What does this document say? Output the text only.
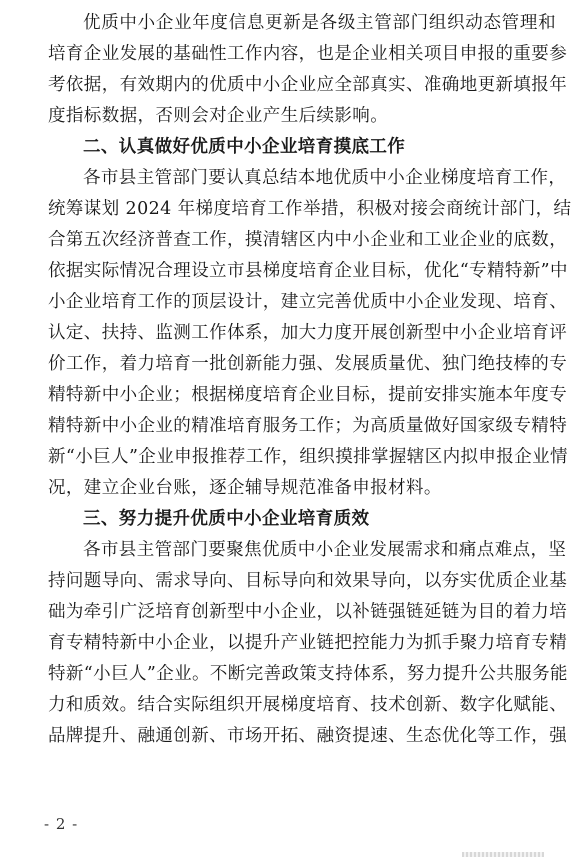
优质中小企业年度信息更新是各级主管部门组织动态管理和
培育企业发展的基础性工作内容，也是企业相关项目申报的重要参
考依据，有效期内的优质中小企业应全部真实、准确地更新填报年
度指标数据，否则会对企业产生后续影响。
二、认真做好优质中小企业培育摸底工作
各市县主管部门要认真总结本地优质中小企业梯度培育工作，
统筹谋划 2024 年梯度培育工作举措，积极对接会商统计部门，结
合第五次经济普查工作，摸清辖区内中小企业和工业企业的底数，
依据实际情况合理设立市县梯度培育企业目标，优化“专精特新”中
小企业培育工作的顶层设计，建立完善优质中小企业发现、培育、
认定、扶持、监测工作体系，加大力度开展创新型中小企业培育评
价工作，着力培育一批创新能力强、发展质量优、独门绝技棒的专
精特新中小企业；根据梯度培育企业目标，提前安排实施本年度专
精特新中小企业的精准培育服务工作；为高质量做好国家级专精特
新“小巨人”企业申报推荐工作，组织摸排掌握辖区内拟申报企业情
况，建立企业台账，逐企辅导规范准备申报材料。
三、努力提升优质中小企业培育质效
各市县主管部门要聚焦优质中小企业发展需求和痛点难点，坚
持问题导向、需求导向、目标导向和效果导向，以夯实优质企业基
础为牵引广泛培育创新型中小企业，以补链强链延链为目的着力培
育专精特新中小企业，以提升产业链把控能力为抓手聚力培育专精
特新“小巨人”企业。不断完善政策支持体系，努力提升公共服务能
力和质效。结合实际组织开展梯度培育、技术创新、数字化赋能、
品牌提升、融通创新、市场开拓、融资提速、生态优化等工作，强
- 2 -
